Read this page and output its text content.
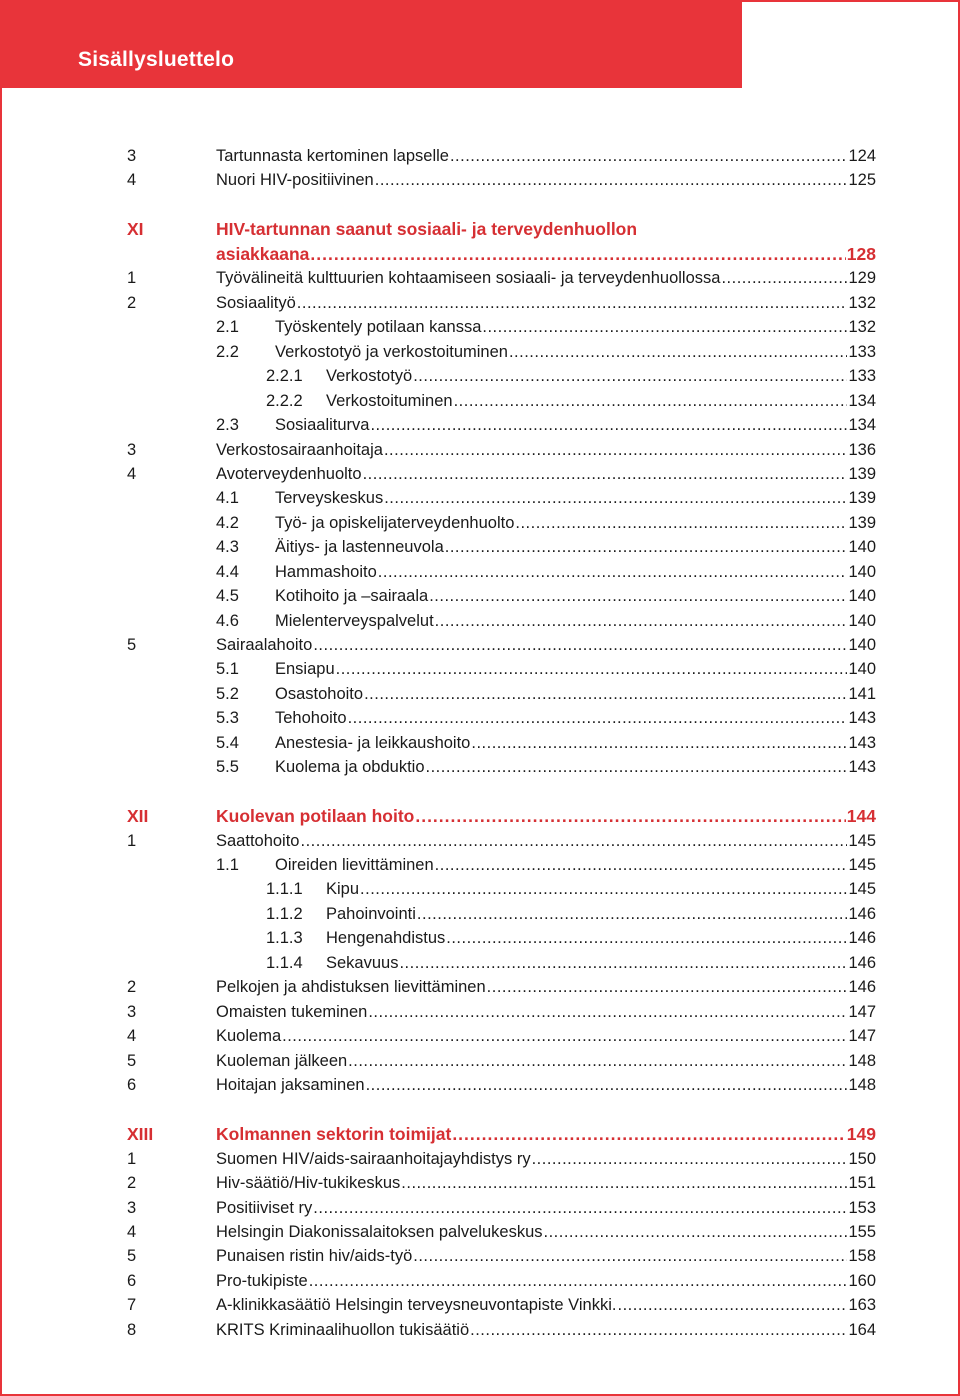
Sisällysluettelo
3	Tartunnasta kertominen lapselle .....	124
4	Nuori HIV-positiivinen .....	125
XI	HIV-tartunnan saanut sosiaali- ja terveydenhuollon
asiakkaana .....	128
1	Työvälineitä kulttuurien kohtaamiseen sosiaali- ja terveydenhuollossa .....	129
2	Sosiaalityö .....	132
2.1	Työskentely potilaan kanssa .....	132
2.2	Verkostotyö ja verkostoituminen .....	133
2.2.1	Verkostotyö .....	133
2.2.2	Verkostoituminen .....	134
2.3	Sosiaaliturva .....	134
3	Verkostosairaanhoitaja .....	136
4	Avoterveydenhuolto .....	139
4.1	Terveyskeskus .....	139
4.2	Työ- ja opiskelijaterveydenhuolto .....	139
4.3	Äitiys- ja lastenneuvola .....	140
4.4	Hammashoito .....	140
4.5	Kotihoito ja –sairaala .....	140
4.6	Mielenterveyspalvelut .....	140
5	Sairaalahoito .....	140
5.1	Ensiapu .....	140
5.2	Osastohoito .....	141
5.3	Tehohoito .....	143
5.4	Anestesia- ja leikkaushoito .....	143
5.5	Kuolema ja obduktio .....	143
XII	Kuolevan potilaan hoito .....	144
1	Saattohoito .....	145
1.1	Oireiden lievittäminen .....	145
1.1.1	Kipu .....	145
1.1.2	Pahoinvointi .....	146
1.1.3	Hengenahdistus .....	146
1.1.4	Sekavuus .....	146
2	Pelkojen ja ahdistuksen lievittäminen .....	146
3	Omaisten tukeminen .....	147
4	Kuolema .....	147
5	Kuoleman jälkeen .....	148
6	Hoitajan jaksaminen .....	148
XIII	Kolmannen sektorin toimijat .....	149
1	Suomen HIV/aids-sairaanhoitajayhdistys ry .....	150
2	Hiv-säätiö/Hiv-tukikeskus .....	151
3	Positiiviset ry .....	153
4	Helsingin Diakonissalaitoksen palvelukeskus .....	155
5	Punaisen ristin hiv/aids-työ .....	158
6	Pro-tukipiste .....	160
7	A-klinikkasäätiö Helsingin terveysneuvontapiste Vinkki. .....	163
8	KRITS Kriminaalihuollon tukisäätiö .....	164
